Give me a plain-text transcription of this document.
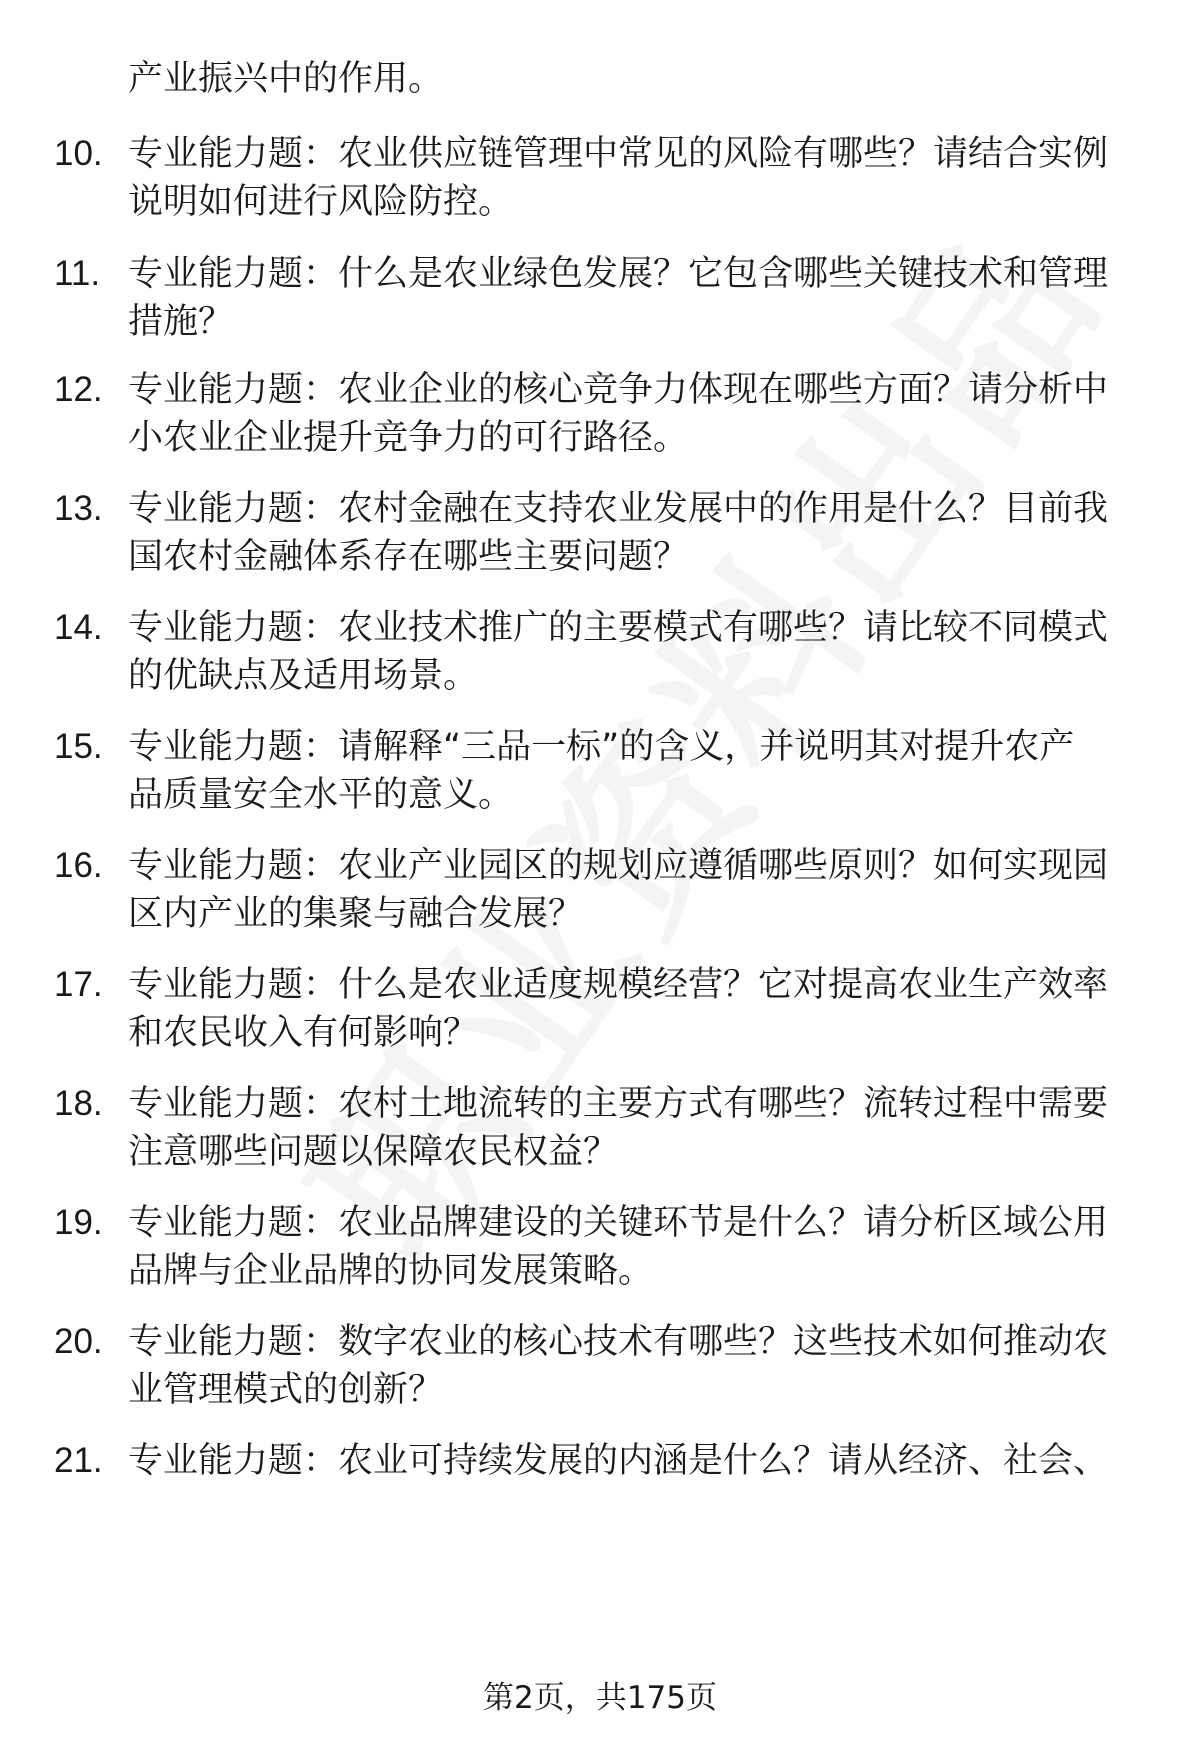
产业振兴中的作用。
10. 专业能力题：农业供应链管理中常见的风险有哪些？请结合实例
说明如何进行风险防控。
11. 专业能力题：什么是农业绿色发展？它包含哪些关键技术和管理
措施？
12. 专业能力题：农业企业的核心竞争力体现在哪些方面？请分析中
小农业企业提升竞争力的可行路径。
13. 专业能力题：农村金融在支持农业发展中的作用是什么？目前我
国农村金融体系存在哪些主要问题？
14. 专业能力题：农业技术推广的主要模式有哪些？请比较不同模式
的优缺点及适用场景。
15. 专业能力题：请解释“三品一标”的含义，并说明其对提升农产
品质量安全水平的意义。
16. 专业能力题：农业产业园区的规划应遵循哪些原则？如何实现园
区内产业的集聚与融合发展？
17. 专业能力题：什么是农业适度规模经营？它对提高农业生产效率
和农民收入有何影响？
18. 专业能力题：农村土地流转的主要方式有哪些？流转过程中需要
注意哪些问题以保障农民权益？
19. 专业能力题：农业品牌建设的关键环节是什么？请分析区域公用
品牌与企业品牌的协同发展策略。
20. 专业能力题：数字农业的核心技术有哪些？这些技术如何推动农
业管理模式的创新？
21. 专业能力题：农业可持续发展的内涵是什么？请从经济、社会、
第2页，共175页
